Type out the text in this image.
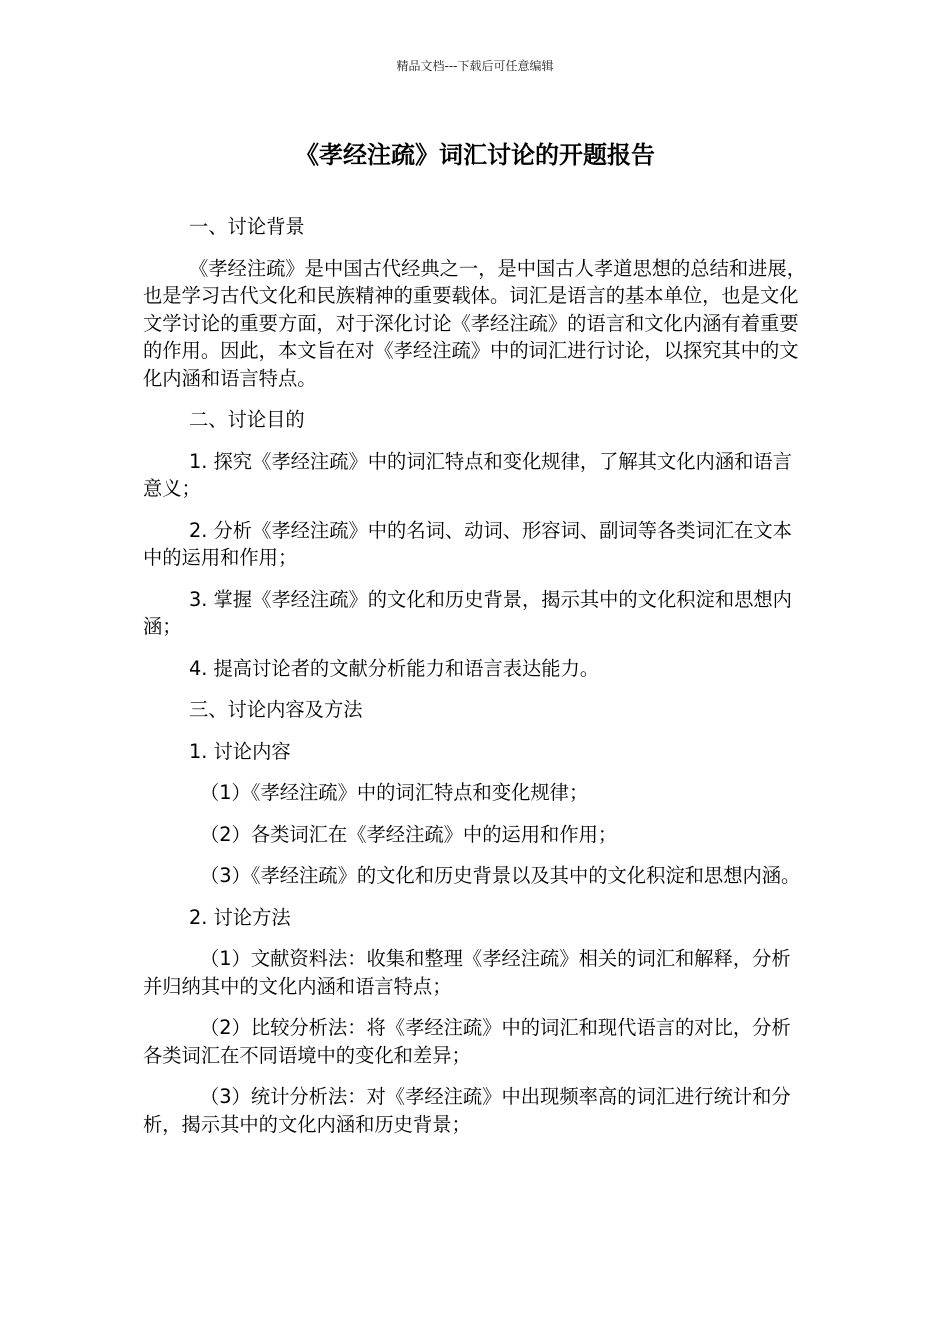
精品文档---下载后可任意编辑
《孝经注疏》词汇讨论的开题报告

一、讨论背景

《孝经注疏》是中国古代经典之一，是中国古人孝道思想的总结和进展，也是学习古代文化和民族精神的重要载体。词汇是语言的基本单位，也是文化文学讨论的重要方面，对于深化讨论《孝经注疏》的语言和文化内涵有着重要的作用。因此，本文旨在对《孝经注疏》中的词汇进行讨论，以探究其中的文化内涵和语言特点。

二、讨论目的

1. 探究《孝经注疏》中的词汇特点和变化规律，了解其文化内涵和语言意义；

2. 分析《孝经注疏》中的名词、动词、形容词、副词等各类词汇在文本中的运用和作用；

3. 掌握《孝经注疏》的文化和历史背景，揭示其中的文化积淀和思想内涵；

4. 提高讨论者的文献分析能力和语言表达能力。

三、讨论内容及方法

1. 讨论内容

（1）《孝经注疏》中的词汇特点和变化规律；

（2）各类词汇在《孝经注疏》中的运用和作用；

（3）《孝经注疏》的文化和历史背景以及其中的文化积淀和思想内涵。

2. 讨论方法

（1）文献资料法：收集和整理《孝经注疏》相关的词汇和解释，分析并归纳其中的文化内涵和语言特点；

（2）比较分析法：将《孝经注疏》中的词汇和现代语言的对比，分析各类词汇在不同语境中的变化和差异；

（3）统计分析法：对《孝经注疏》中出现频率高的词汇进行统计和分析，揭示其中的文化内涵和历史背景；
